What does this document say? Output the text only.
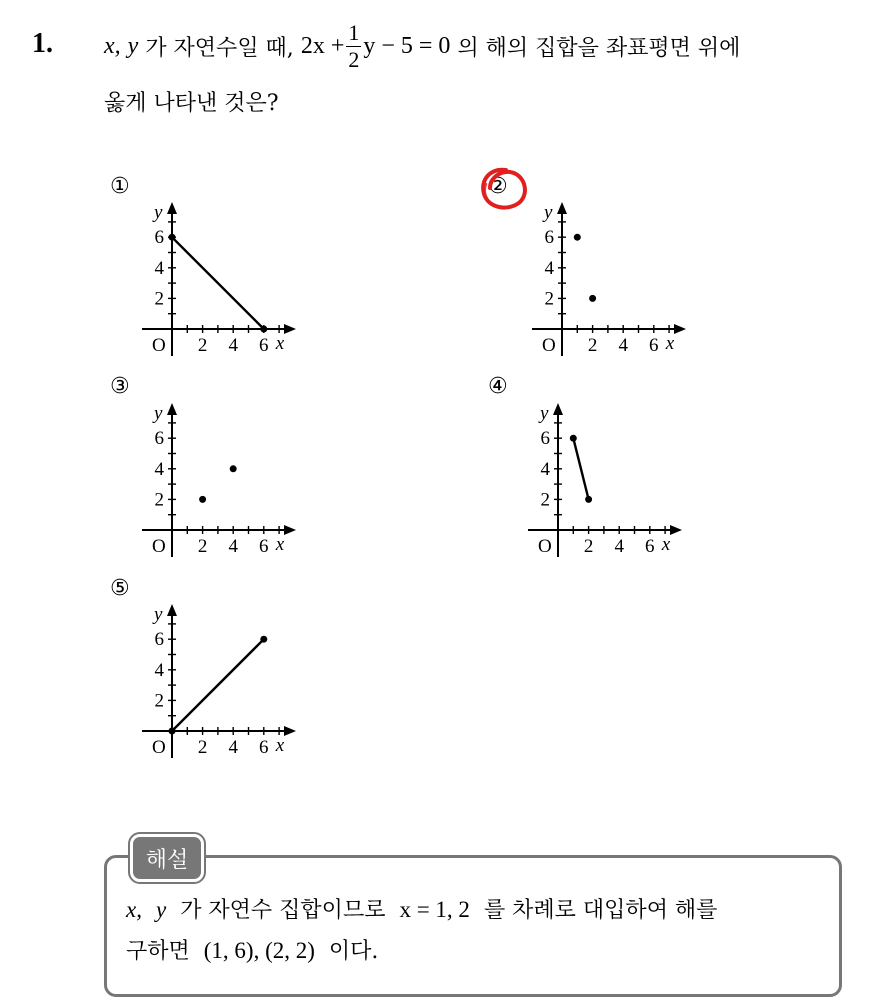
1. x,
y
가 자연수일 때,
$2x + \frac{1}{2}$ y − 5 = 0
의 해의 집합을 좌표평면 위에
옳게 나타낸 것은?
①	②
③	④
⑤
2 4 6
2
4
6
O	x
y
2 4 6
2
4
6
O	x
y
2 4 6
2
4
6
O	x
y
2 4 6
2
4
6
O	x
y
2 4 6
2
4
6
O	x
y
해설
x, y 가 자연수 집합이므로 x = 1, 2 를 차례로 대입하여 해를
구하면 (1, 6), (2, 2) 이다.
